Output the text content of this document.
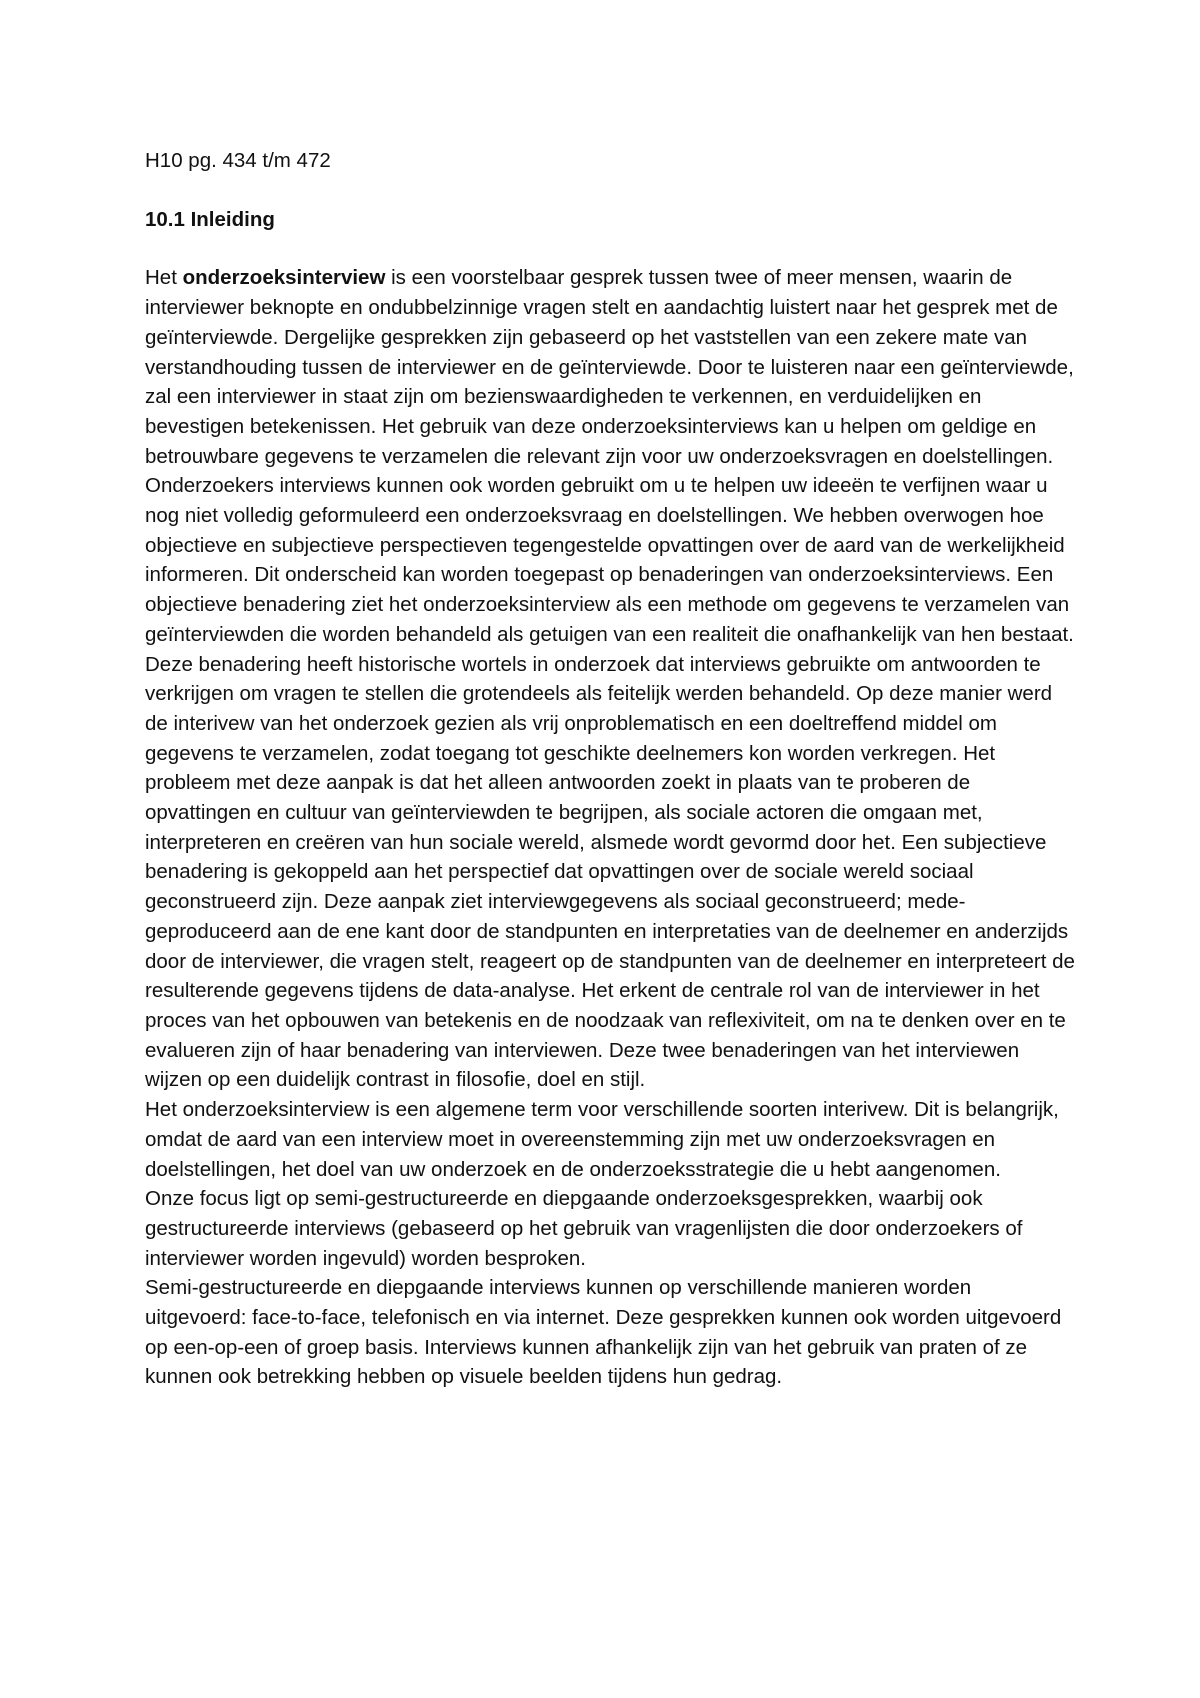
H10 pg. 434 t/m 472

10.1 Inleiding

Het onderzoeksinterview is een voorstelbaar gesprek tussen twee of meer mensen, waarin de interviewer beknopte en ondubbelzinnige vragen stelt en aandachtig luistert naar het gesprek met de geïnterviewde. Dergelijke gesprekken zijn gebaseerd op het vaststellen van een zekere mate van verstandhouding tussen de interviewer en de geïnterviewde. Door te luisteren naar een geïnterviewde, zal een interviewer in staat zijn om bezienswaardigheden te verkennen, en verduidelijken en bevestigen betekenissen. Het gebruik van deze onderzoeksinterviews kan u helpen om geldige en betrouwbare gegevens te verzamelen die relevant zijn voor uw onderzoeksvragen en doelstellingen. Onderzoekers interviews kunnen ook worden gebruikt om u te helpen uw ideeën te verfijnen waar u nog niet volledig geformuleerd een onderzoeksvraag en doelstellingen. We hebben overwogen hoe objectieve en subjectieve perspectieven tegengestelde opvattingen over de aard van de werkelijkheid informeren. Dit onderscheid kan worden toegepast op benaderingen van onderzoeksinterviews. Een objectieve benadering ziet het onderzoeksinterview als een methode om gegevens te verzamelen van geïnterviewden die worden behandeld als getuigen van een realiteit die onafhankelijk van hen bestaat. Deze benadering heeft historische wortels in onderzoek dat interviews gebruikte om antwoorden te verkrijgen om vragen te stellen die grotendeels als feitelijk werden behandeld. Op deze manier werd de interivew van het onderzoek gezien als vrij onproblematisch en een doeltreffend middel om gegevens te verzamelen, zodat toegang tot geschikte deelnemers kon worden verkregen. Het probleem met deze aanpak is dat het alleen antwoorden zoekt in plaats van te proberen de opvattingen en cultuur van geïnterviewden te begrijpen, als sociale actoren die omgaan met, interpreteren en creëren van hun sociale wereld, alsmede wordt gevormd door het. Een subjectieve benadering is gekoppeld aan het perspectief dat opvattingen over de sociale wereld sociaal geconstrueerd zijn. Deze aanpak ziet interviewgegevens als sociaal geconstrueerd; mede-geproduceerd aan de ene kant door de standpunten en interpretaties van de deelnemer en anderzijds door de interviewer, die vragen stelt, reageert op de standpunten van de deelnemer en interpreteert de resulterende gegevens tijdens de data-analyse. Het erkent de centrale rol van de interviewer in het proces van het opbouwen van betekenis en de noodzaak van reflexiviteit, om na te denken over en te evalueren zijn of haar benadering van interviewen. Deze twee benaderingen van het interviewen wijzen op een duidelijk contrast in filosofie, doel en stijl.

Het onderzoeksinterview is een algemene term voor verschillende soorten interivew. Dit is belangrijk, omdat de aard van een interview moet in overeenstemming zijn met uw onderzoeksvragen en doelstellingen, het doel van uw onderzoek en de onderzoeksstrategie die u hebt aangenomen.

Onze focus ligt op semi-gestructureerde en diepgaande onderzoeksgesprekken, waarbij ook gestructureerde interviews (gebaseerd op het gebruik van vragenlijsten die door onderzoekers of interviewer worden ingevuld) worden besproken.

Semi-gestructureerde en diepgaande interviews kunnen op verschillende manieren worden uitgevoerd: face-to-face, telefonisch en via internet. Deze gesprekken kunnen ook worden uitgevoerd op een-op-een of groep basis. Interviews kunnen afhankelijk zijn van het gebruik van praten of ze kunnen ook betrekking hebben op visuele beelden tijdens hun gedrag.
